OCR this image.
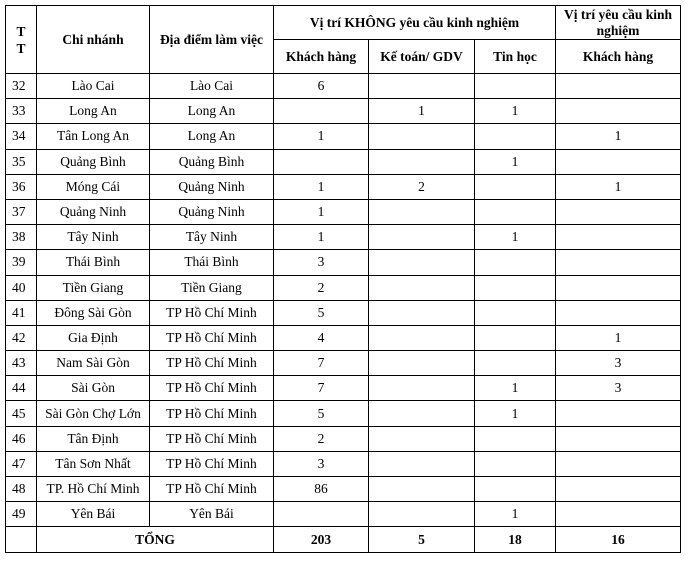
TT	Chi nhánh	Địa điểm làm việc	Vị trí KHÔNG yêu cầu kinh nghiệm			Vị trí yêu cầu kinh nghiệm
			Khách hàng	Kế toán/ GDV	Tin học	Khách hàng
32	Lào Cai	Lào Cai	6			
33	Long An	Long An		1	1	
34	Tân Long An	Long An	1			1
35	Quảng Bình	Quảng Bình			1	
36	Móng Cái	Quảng Ninh	1	2		1
37	Quảng Ninh	Quảng Ninh	1			
38	Tây Ninh	Tây Ninh	1		1	
39	Thái Bình	Thái Bình	3			
40	Tiền Giang	Tiền Giang	2			
41	Đông Sài Gòn	TP Hồ Chí Minh	5			
42	Gia Định	TP Hồ Chí Minh	4			1
43	Nam Sài Gòn	TP Hồ Chí Minh	7			3
44	Sài Gòn	TP Hồ Chí Minh	7		1	3
45	Sài Gòn Chợ Lớn	TP Hồ Chí Minh	5		1	
46	Tân Định	TP Hồ Chí Minh	2			
47	Tân Sơn Nhất	TP Hồ Chí Minh	3			
48	TP. Hồ Chí Minh	TP Hồ Chí Minh	86			
49	Yên Bái	Yên Bái			1	
	TỔNG		203	5	18	16
